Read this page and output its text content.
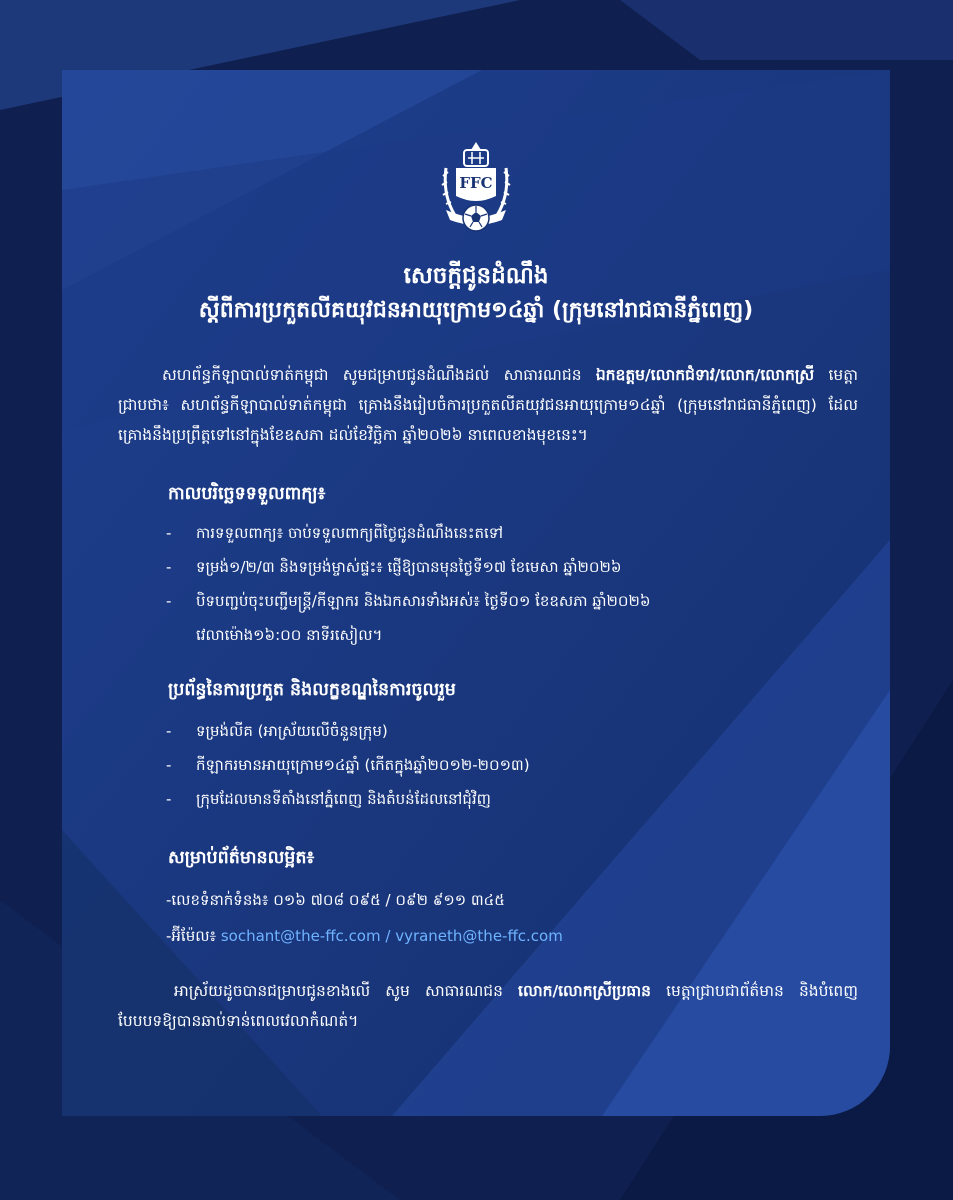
FFC
សេចក្តីជូនដំណឹង
ស្តីពីការប្រកួតលីគយុវជនអាយុក្រោម១៤ឆ្នាំ (ក្រុមនៅរាជធានីភ្នំពេញ)
សហព័ន្ធកីឡាបាល់ទាត់កម្ពុជា សូមជម្រាបជូនដំណឹងដល់ សាធារណជន ឯកឧត្តម/លោកជំទាវ/លោក/លោកស្រី មេត្តាជ្រាបថា៖ សហព័ន្ធកីឡាបាល់ទាត់កម្ពុជា គ្រោងនឹងរៀបចំការប្រកួតលីគយុវជនអាយុក្រោម១៤ឆ្នាំ (ក្រុមនៅរាជធានីភ្នំពេញ) ដែលគ្រោងនឹងប្រព្រឹត្តទៅនៅក្នុងខែឧសភា ដល់ខែវិច្ឆិកា ឆ្នាំ២០២៦ នាពេលខាងមុខនេះ។
កាលបរិច្ឆេទទទួលពាក្យ៖
- ការទទួលពាក្យ៖ ចាប់ទទួលពាក្យពីថ្ងៃជូនដំណឹងនេះតទៅ
- ទម្រង់១/២/៣ និងទម្រង់ម្ចាស់ផ្ទះ៖ ផ្ញើឱ្យបានមុនថ្ងៃទី១៧ ខែមេសា ឆ្នាំ២០២៦
- បិទបញ្ជប់ចុះបញ្ជីមន្រ្តី/កីឡាករ និងឯកសារទាំងអស់៖ ថ្ងៃទី០១ ខែឧសភា ឆ្នាំ២០២៦
វេលាម៉ោង១៦:០០ នាទីរសៀល។
ប្រព័ន្ធនៃការប្រកួត និងលក្ខខណ្ឌនៃការចូលរួម
- ទម្រង់លីគ (អាស្រ័យលើចំនួនក្រុម)
- កីឡាករមានអាយុក្រោម១៤ឆ្នាំ (កើតក្នុងឆ្នាំ២០១២-២០១៣)
- ក្រុមដែលមានទីតាំងនៅភ្នំពេញ និងតំបន់ដែលនៅជុំវិញ
សម្រាប់ព័ត៌មានលម្អិត៖
-លេខទំនាក់ទំនង៖ ០១៦ ៧០៨ ០៩៥ / ០៩២ ៩១១ ៣៤៥
-អ៊ីម៉ែល៖ sochant@the-ffc.com / vyraneth@the-ffc.com
អាស្រ័យដូចបានជម្រាបជូនខាងលើ សូម សាធារណជន លោក/លោកស្រីប្រធាន មេត្តាជ្រាបជាព័ត៌មាន និងបំពេញបែបបទឱ្យបានឆាប់ទាន់ពេលវេលាកំណត់។
